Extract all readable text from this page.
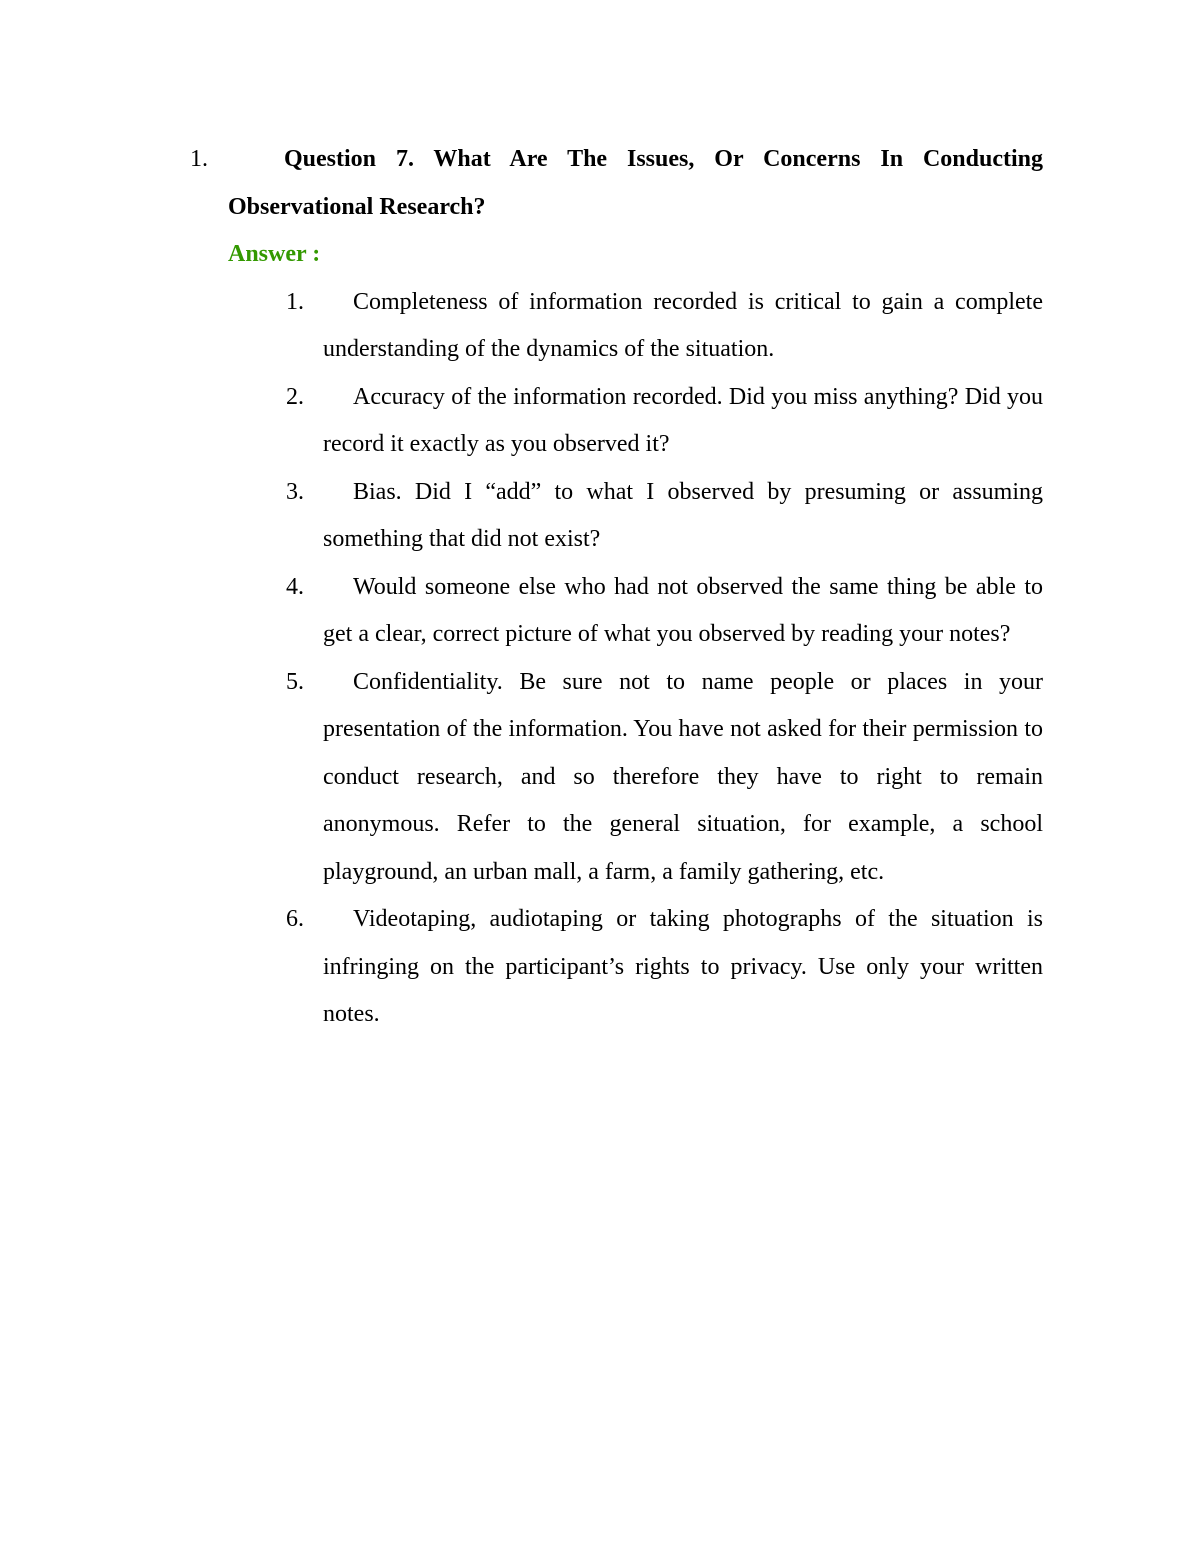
1.	Question 7. What Are The Issues, Or Concerns In Conducting Observational Research?
Answer :
1.	Completeness of information recorded is critical to gain a complete understanding of the dynamics of the situation.
2.	Accuracy of the information recorded. Did you miss anything? Did you record it exactly as you observed it?
3.	Bias. Did I “add” to what I observed by presuming or assuming something that did not exist?
4.	Would someone else who had not observed the same thing be able to get a clear, correct picture of what you observed by reading your notes?
5.	Confidentiality. Be sure not to name people or places in your presentation of the information. You have not asked for their permission to conduct research, and so therefore they have to right to remain anonymous. Refer to the general situation, for example, a school playground, an urban mall, a farm, a family gathering, etc.
6.	Videotaping, audiotaping or taking photographs of the situation is infringing on the participant’s rights to privacy. Use only your written notes.
